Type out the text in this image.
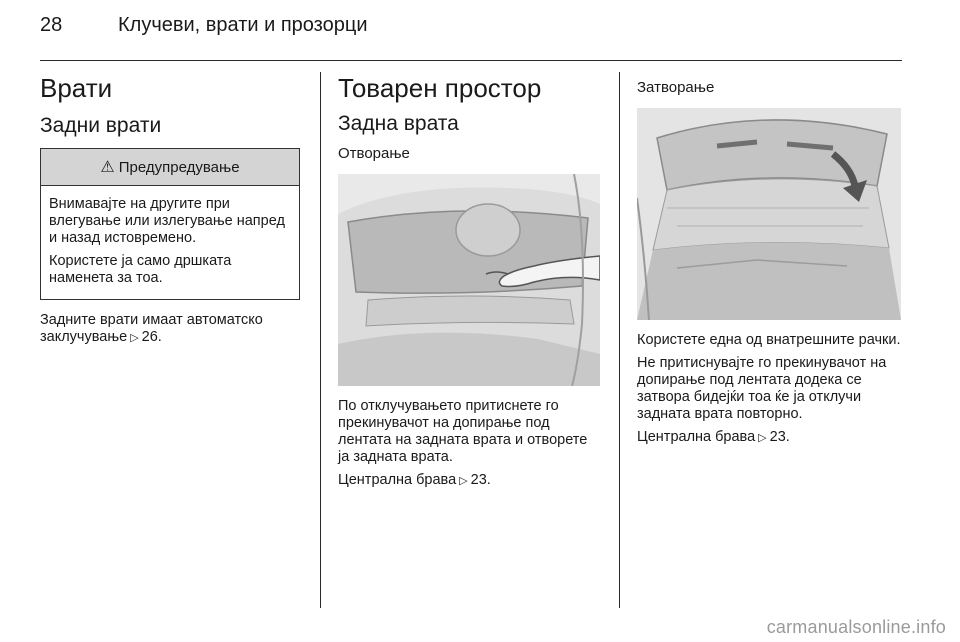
28	Клучеви, врати и прозорци
Врати
Задни врати
⚠ Предупредување

Внимавајте на другите при влегување или излегување напред и назад истовремено.

Користете ја само дршката наменета за тоа.

Задните врати имаат автоматско заклучување ▷ 26.

Товарен простор
Задна врата
Отворање

По отклучувањето притиснете го прекинувачот на допирање под лентата на задната врата и отворете ја задната врата.

Централна брава ▷ 23.

Затворање

Користете една од внатрешните рачки.

Не притиснувајте го прекинувачот на допирање под лентата додека се затвора бидејќи тоа ќе ја отклучи задната врата повторно.

Централна брава ▷ 23.

carmanualsonline.info
